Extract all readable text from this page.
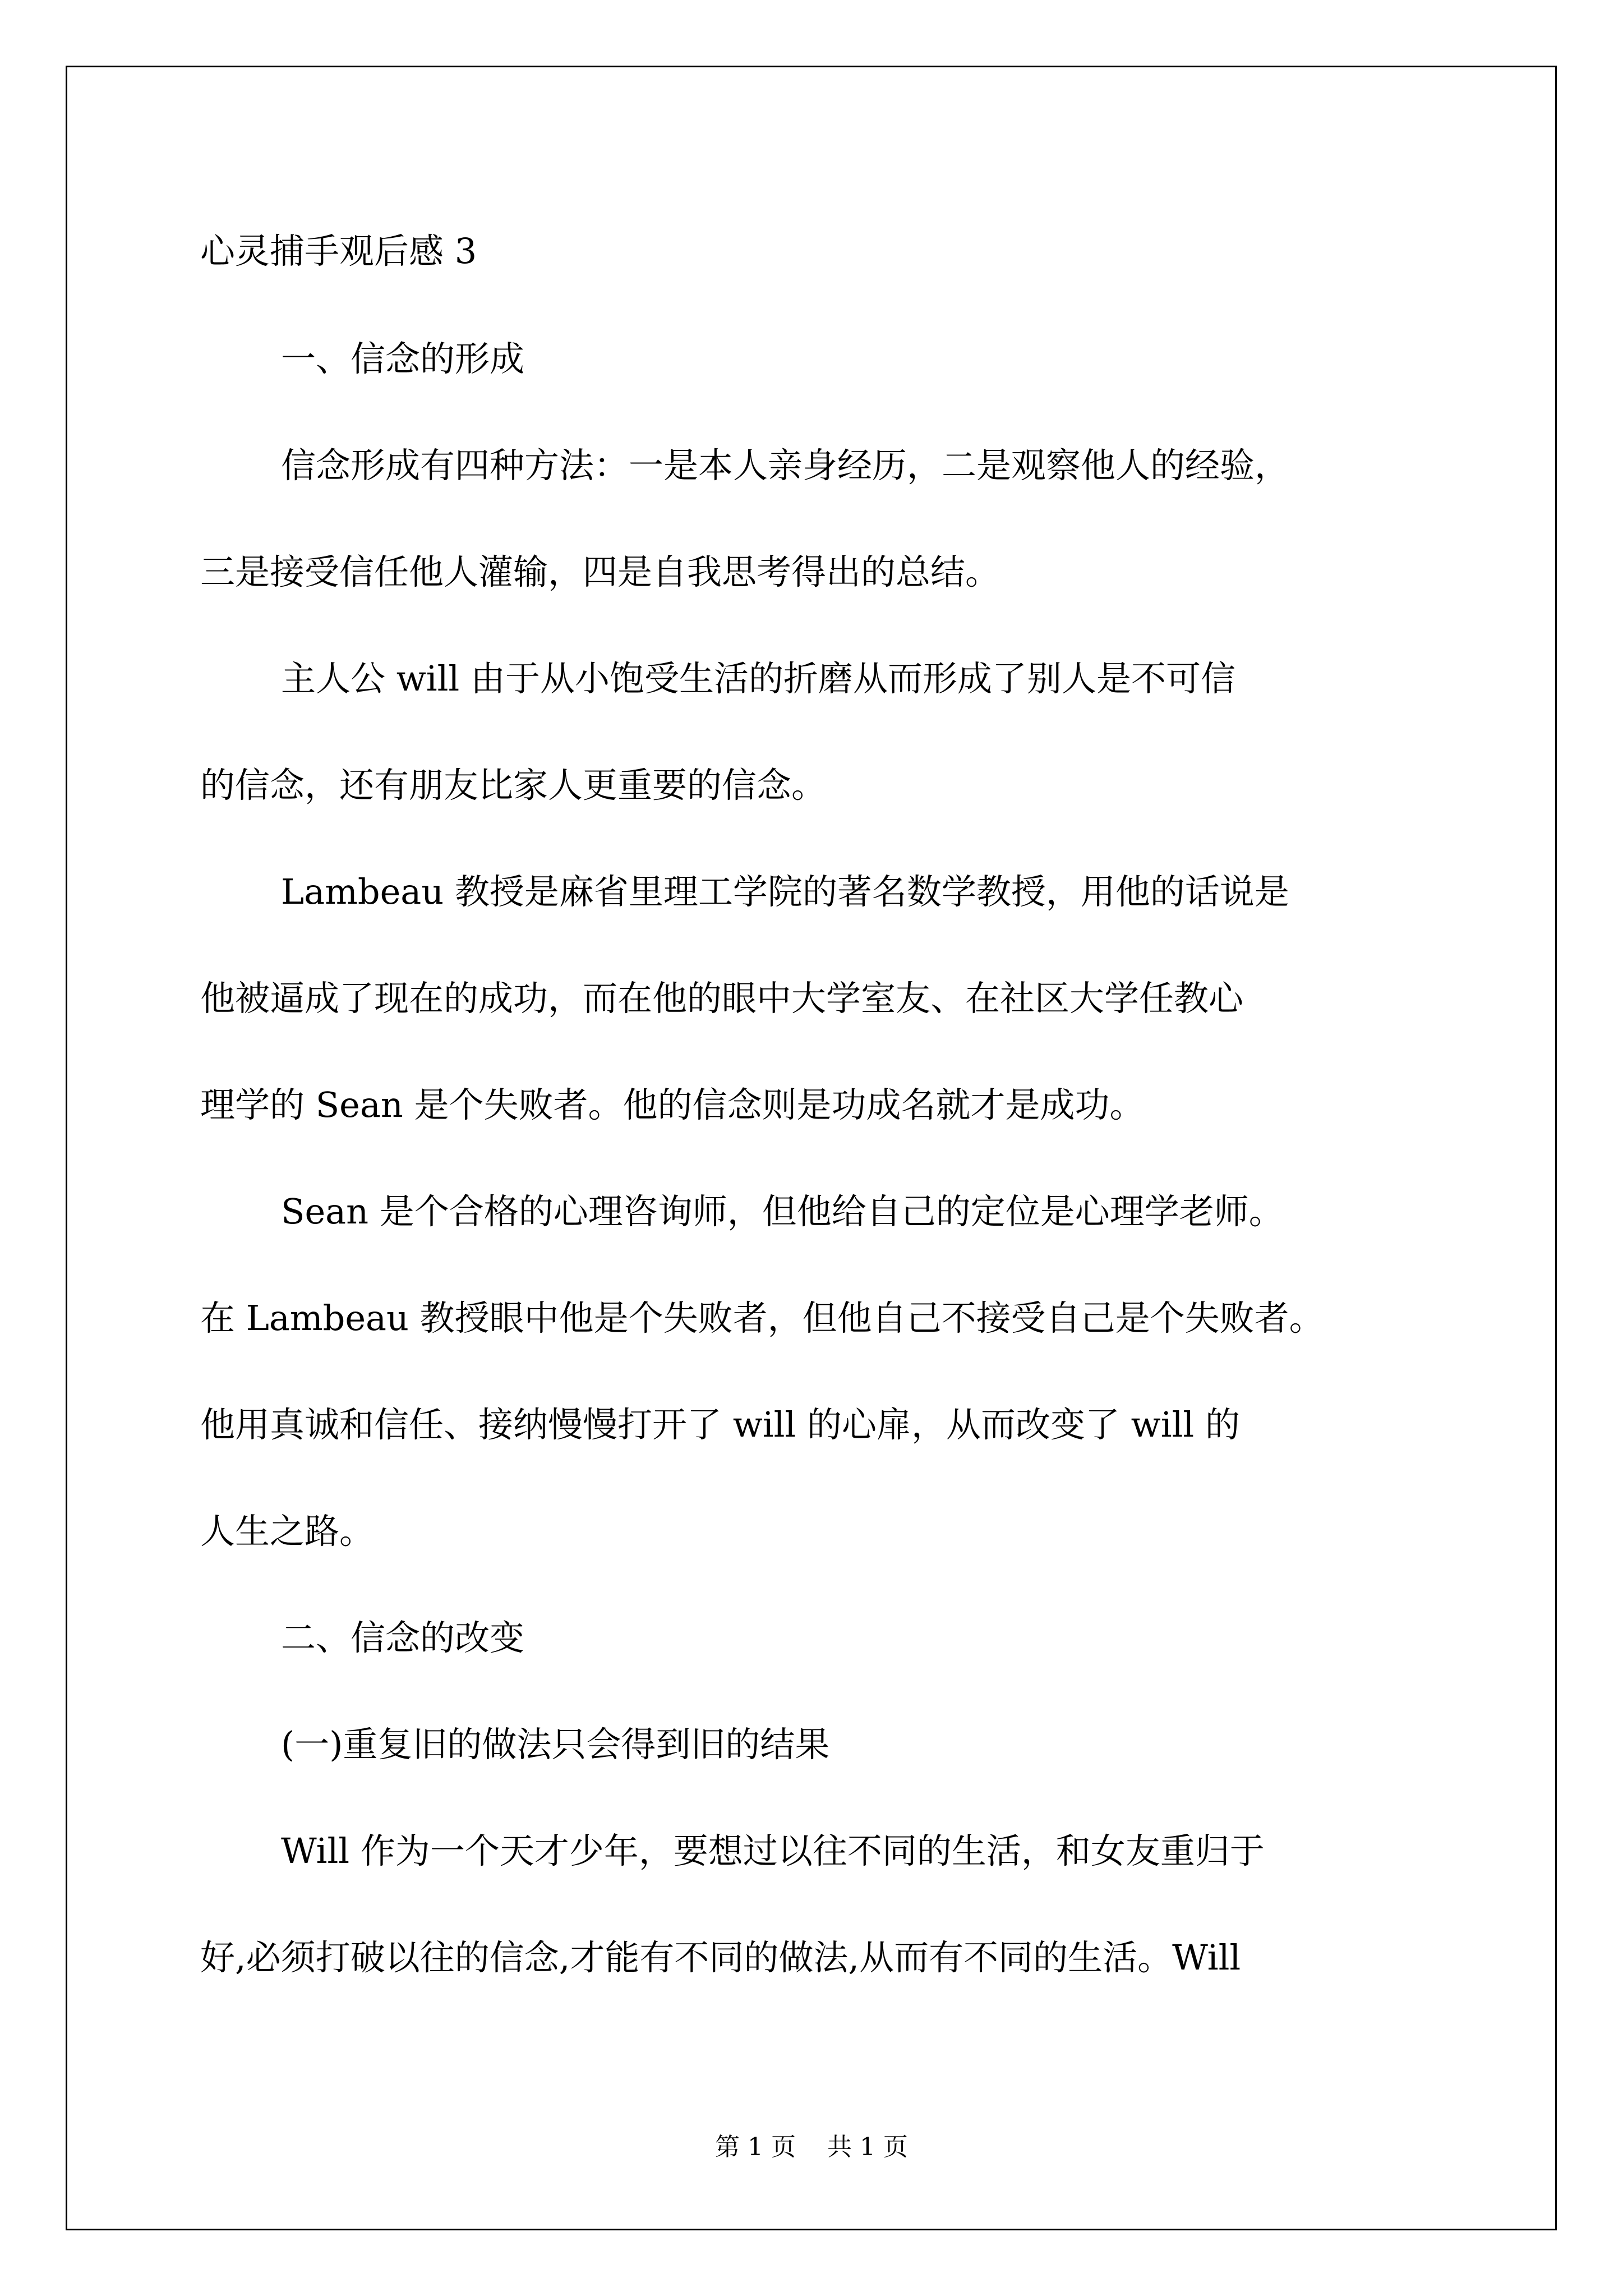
心灵捕手观后感 3
一、信念的形成
信念形成有四种方法：一是本人亲身经历，二是观察他人的经验，
三是接受信任他人灌输，四是自我思考得出的总结。
主人公 will 由于从小饱受生活的折磨从而形成了别人是不可信
的信念，还有朋友比家人更重要的信念。
Lambeau 教授是麻省里理工学院的著名数学教授，用他的话说是
他被逼成了现在的成功，而在他的眼中大学室友、在社区大学任教心
理学的 Sean 是个失败者。他的信念则是功成名就才是成功。
Sean 是个合格的心理咨询师，但他给自己的定位是心理学老师。
在 Lambeau 教授眼中他是个失败者，但他自己不接受自己是个失败者。
他用真诚和信任、接纳慢慢打开了 will 的心扉，从而改变了 will 的
人生之路。
二、信念的改变
(一)重复旧的做法只会得到旧的结果
Will 作为一个天才少年，要想过以往不同的生活，和女友重归于
好,必须打破以往的信念,才能有不同的做法,从而有不同的生活。Will
第 1 页    共 1 页
